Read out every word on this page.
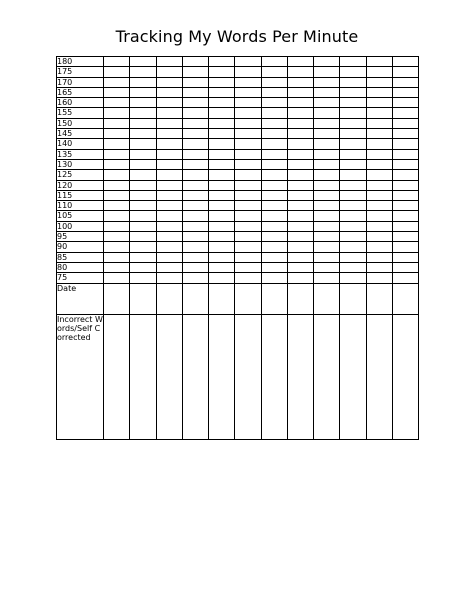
Tracking My Words Per Minute
180												
175												
170												
165												
160												
155												
150												
145												
140												
135												
130												
125												
120												
115												
110												
105												
100												
95												
90												
85												
80												
75												
Date												
Incorrect Words/Self Corrected												
